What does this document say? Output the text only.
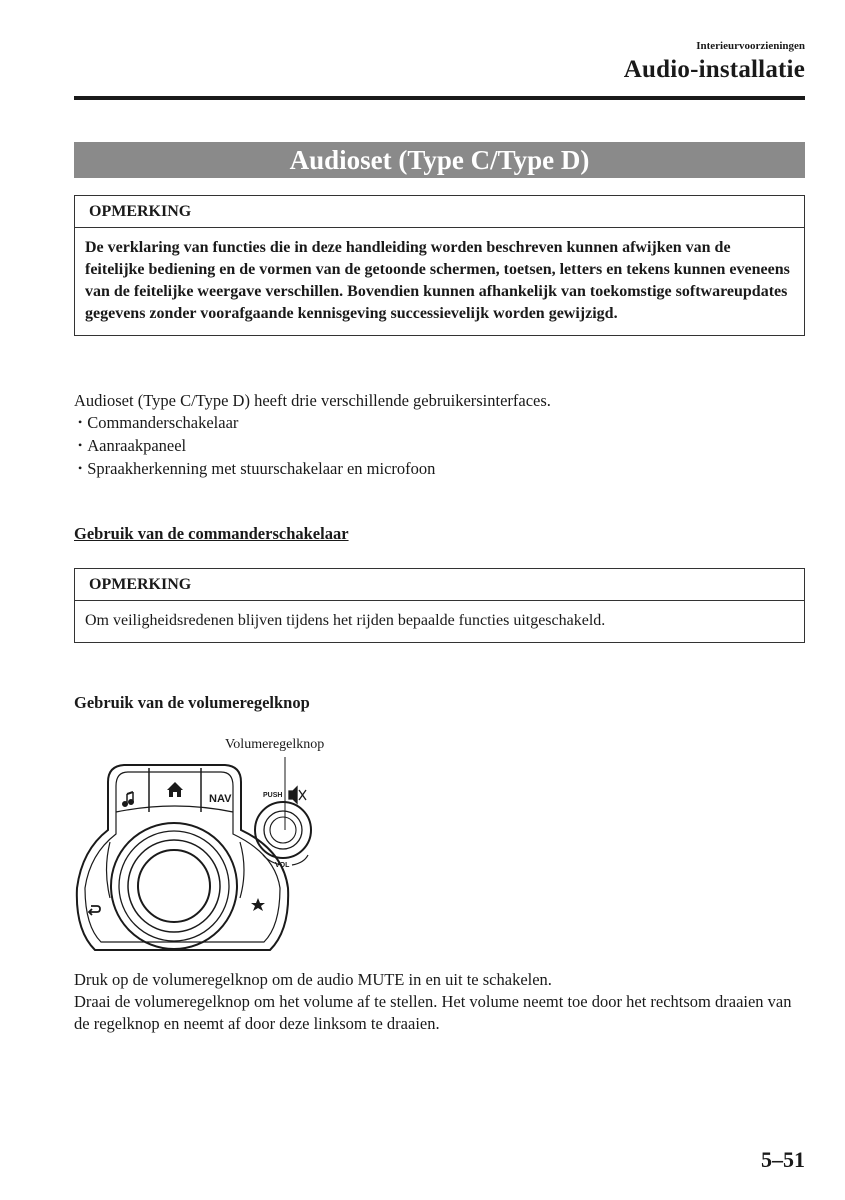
Interieurvoorzieningen
Audio-installatie
Audioset (Type C/Type D)
OPMERKING
De verklaring van functies die in deze handleiding worden beschreven kunnen afwijken van de feitelijke bediening en de vormen van de getoonde schermen, toetsen, letters en tekens kunnen eveneens van de feitelijke weergave verschillen. Bovendien kunnen afhankelijk van toekomstige softwareupdates gegevens zonder voorafgaande kennisgeving successievelijk worden gewijzigd.
Audioset (Type C/Type D) heeft drie verschillende gebruikersinterfaces.
• Commanderschakelaar
• Aanraakpaneel
• Spraakherkenning met stuurschakelaar en microfoon
Gebruik van de commanderschakelaar
OPMERKING
Om veiligheidsredenen blijven tijdens het rijden bepaalde functies uitgeschakeld.
Gebruik van de volumeregelknop
Volumeregelknop
NAV	PUSH
VOL
Druk op de volumeregelknop om de audio MUTE in en uit te schakelen.
Draai de volumeregelknop om het volume af te stellen. Het volume neemt toe door het rechtsom draaien van de regelknop en neemt af door deze linksom te draaien.
5–51
